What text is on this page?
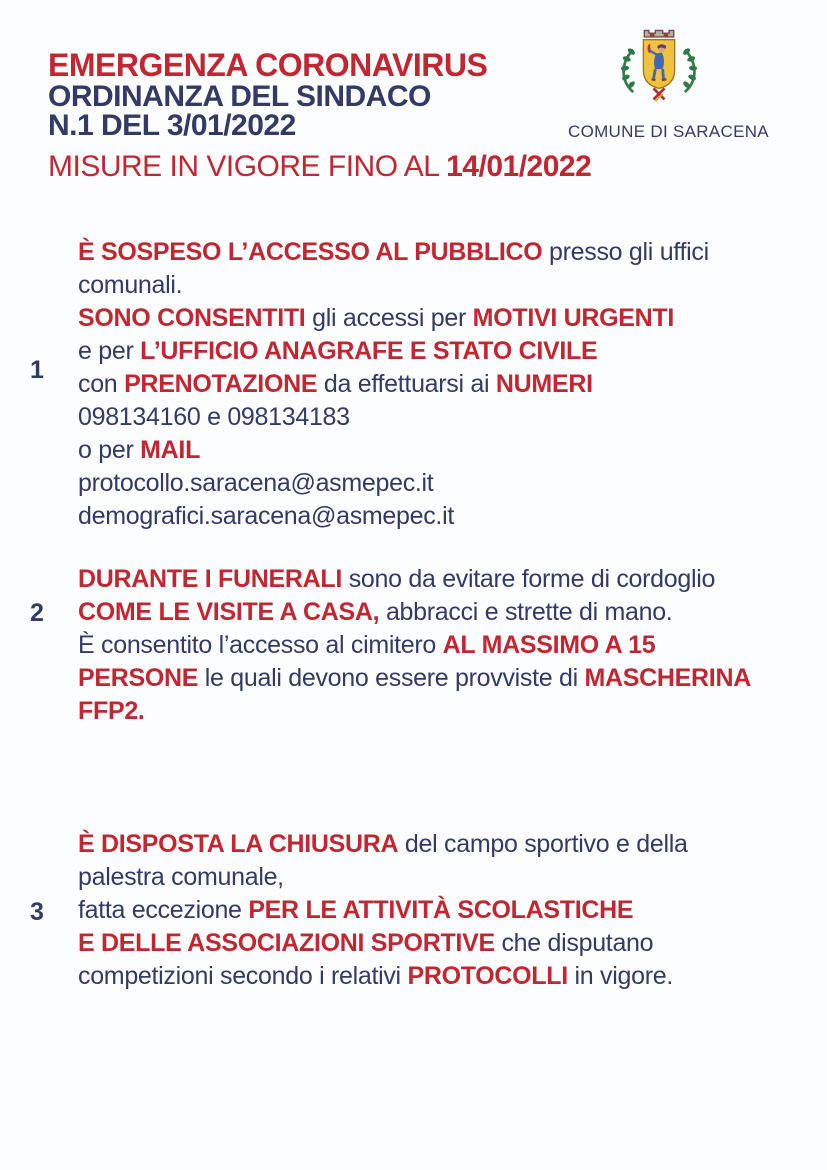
EMERGENZA CORONAVIRUS
ORDINANZA DEL SINDACO
N.1 DEL 3/01/2022
MISURE IN VIGORE FINO AL 14/01/2022
COMUNE DI SARACENA
1

È SOSPESO L’ACCESSO AL PUBBLICO presso gli uffici

comunali.

SONO CONSENTITI gli accessi per MOTIVI URGENTI

e per L’UFFICIO ANAGRAFE E STATO CIVILE

con PRENOTAZIONE da effettuarsi ai NUMERI

098134160 e 098134183

o per MAIL

protocollo.saracena@asmepec.it

demografici.saracena@asmepec.it

2

DURANTE I FUNERALI sono da evitare forme di cordoglio

COME LE VISITE A CASA, abbracci e strette di mano.

È consentito l’accesso al cimitero AL MASSIMO A 15

PERSONE le quali devono essere provviste di MASCHERINA

FFP2.

3

È DISPOSTA LA CHIUSURA del campo sportivo e della

palestra comunale,

fatta eccezione PER LE ATTIVITÀ SCOLASTICHE

E DELLE ASSOCIAZIONI SPORTIVE che disputano

competizioni secondo i relativi PROTOCOLLI in vigore.
